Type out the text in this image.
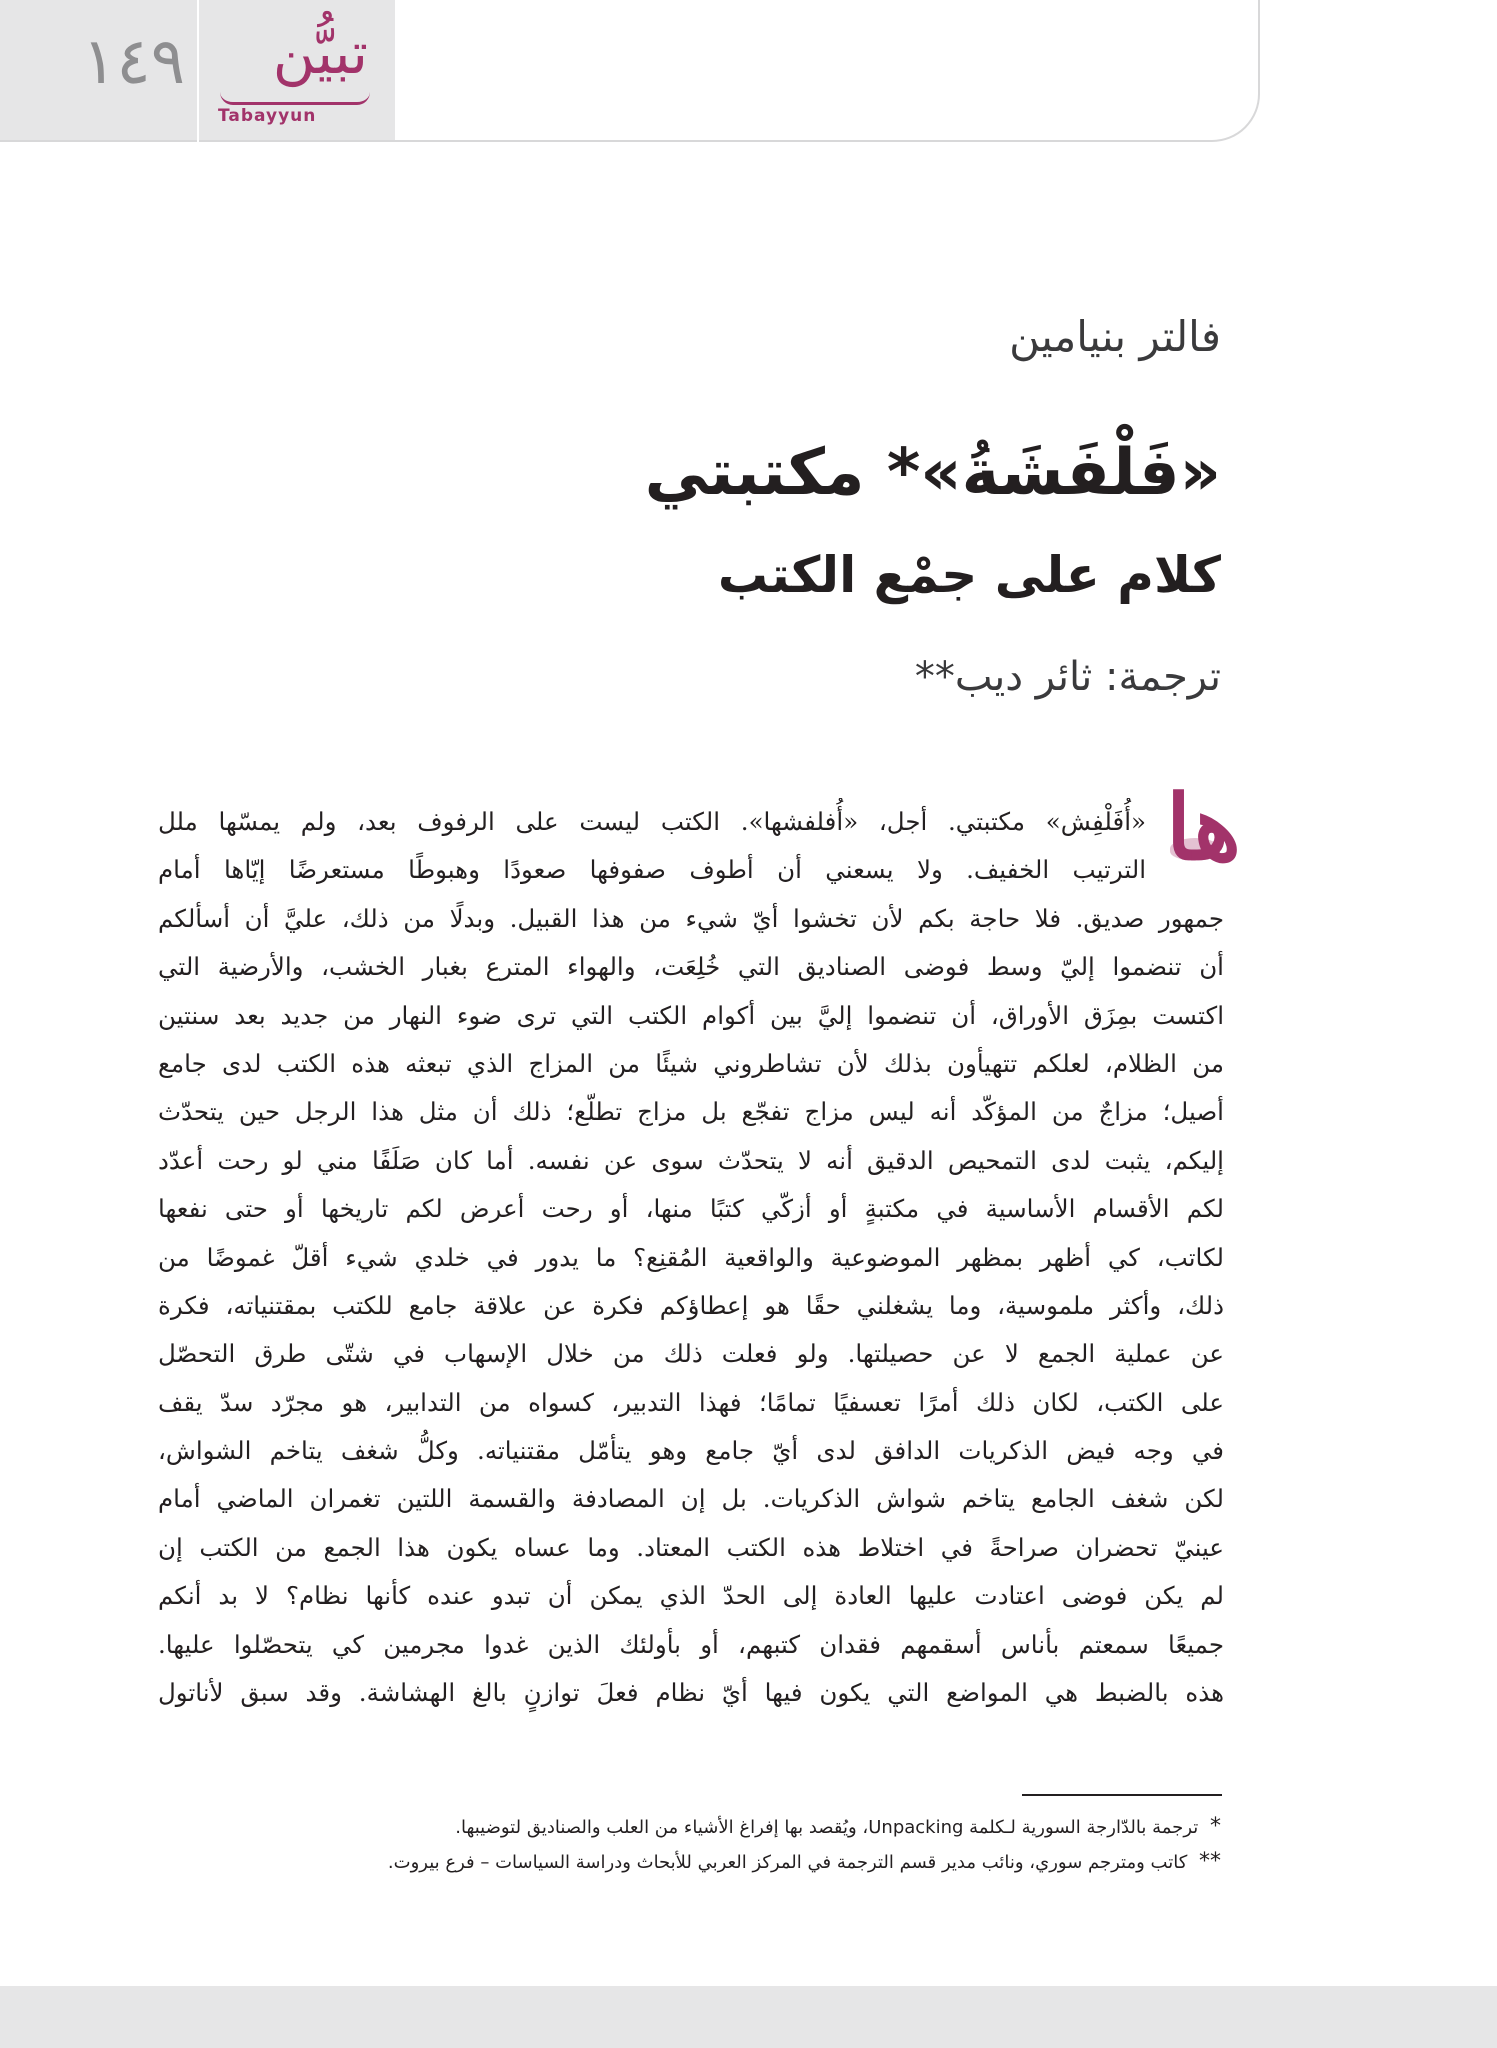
١٤٩ تبيُّن
Tabayyun
فالتر بنيامين
«فَلْفَشَةُ»* مكتبتي
كلام على جمْع الكتب
ترجمة: ثائر ديب**
ها
«أُفَلْفِش» مكتبتي. أجل، «أُفلفشها». الكتب ليست على الرفوف بعد، ولم يمسّها ملل
الترتيب الخفيف. ولا يسعني أن أطوف صفوفها صعودًا وهبوطًا مستعرضًا إيّاها أمام
جمهور صديق. فلا حاجة بكم لأن تخشوا أيّ شيء من هذا القبيل. وبدلًا من ذلك، عليَّ أن أسألكم
أن تنضموا إليّ وسط فوضى الصناديق التي خُلِعَت، والهواء المترع بغبار الخشب، والأرضية التي
اكتست بمِزَق الأوراق، أن تنضموا إليَّ بين أكوام الكتب التي ترى ضوء النهار من جديد بعد سنتين
من الظلام، لعلكم تتهيأون بذلك لأن تشاطروني شيئًا من المزاج الذي تبعثه هذه الكتب لدى جامع
أصيل؛ مزاجٌ من المؤكّد أنه ليس مزاج تفجّع بل مزاج تطلّع؛ ذلك أن مثل هذا الرجل حين يتحدّث
إليكم، يثبت لدى التمحيص الدقيق أنه لا يتحدّث سوى عن نفسه. أما كان صَلَفًا مني لو رحت أعدّد
لكم الأقسام الأساسية في مكتبةٍ أو أزكّي كتبًا منها، أو رحت أعرض لكم تاريخها أو حتى نفعها
لكاتب، كي أظهر بمظهر الموضوعية والواقعية المُقنِع؟ ما يدور في خلدي شيء أقلّ غموضًا من
ذلك، وأكثر ملموسية، وما يشغلني حقًا هو إعطاؤكم فكرة عن علاقة جامع للكتب بمقتنياته، فكرة
عن عملية الجمع لا عن حصيلتها. ولو فعلت ذلك من خلال الإسهاب في شتّى طرق التحصّل
على الكتب، لكان ذلك أمرًا تعسفيًا تمامًا؛ فهذا التدبير، كسواه من التدابير، هو مجرّد سدّ يقف
في وجه فيض الذكريات الدافق لدى أيّ جامع وهو يتأمّل مقتنياته. وكلُّ شغف يتاخم الشواش،
لكن شغف الجامع يتاخم شواش الذكريات. بل إن المصادفة والقسمة اللتين تغمران الماضي أمام
عينيّ تحضران صراحةً في اختلاط هذه الكتب المعتاد. وما عساه يكون هذا الجمع من الكتب إن
لم يكن فوضى اعتادت عليها العادة إلى الحدّ الذي يمكن أن تبدو عنده كأنها نظام؟ لا بد أنكم
جميعًا سمعتم بأناس أسقمهم فقدان كتبهم، أو بأولئك الذين غدوا مجرمين كي يتحصّلوا عليها.
هذه بالضبط هي المواضع التي يكون فيها أيّ نظام فعلَ توازنٍ بالغ الهشاشة. وقد سبق لأناتول
* ترجمة بالدّارجة السورية لـكلمة Unpacking، ويُقصد بها إفراغ الأشياء من العلب والصناديق لتوضيبها.
** كاتب ومترجم سوري، ونائب مدير قسم الترجمة في المركز العربي للأبحاث ودراسة السياسات – فرع بيروت.
